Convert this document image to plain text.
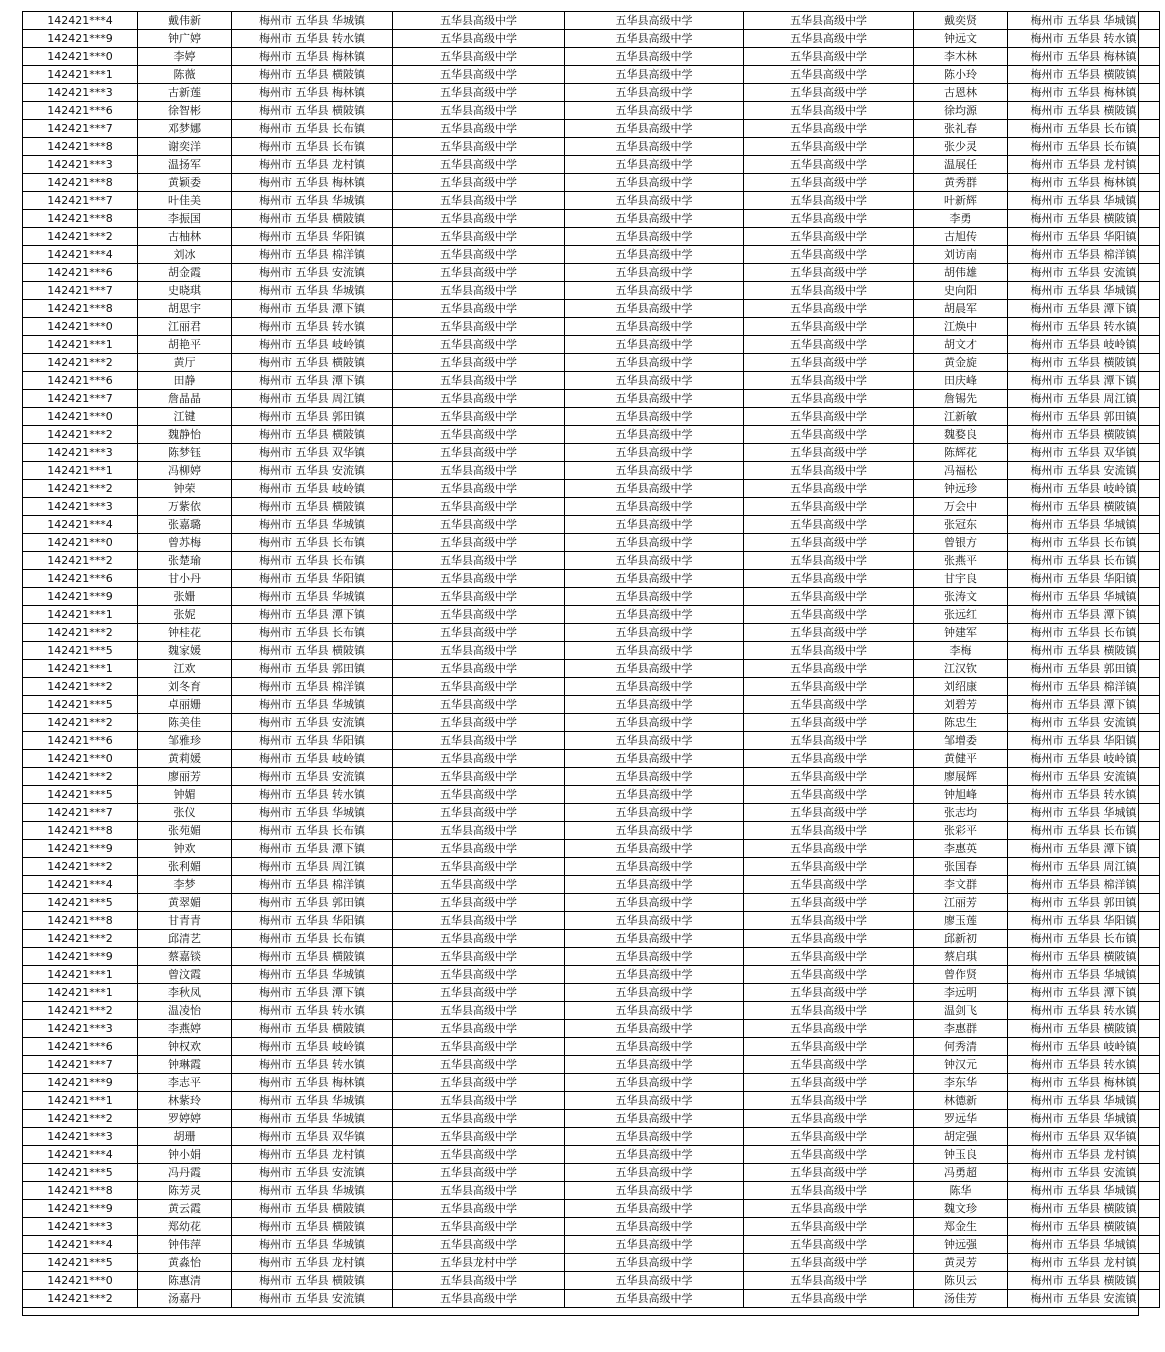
142421***4	戴伟新	梅州市 五华县 华城镇	五华县高级中学	五华县高级中学	五华县高级中学	戴奕贤	梅州市 五华县 华城镇
142421***9	钟广婷	梅州市 五华县 转水镇	五华县高级中学	五华县高级中学	五华县高级中学	钟远文	梅州市 五华县 转水镇
142421***0	李婷	梅州市 五华县 梅林镇	五华县高级中学	五华县高级中学	五华县高级中学	李木林	梅州市 五华县 梅林镇
142421***1	陈薇	梅州市 五华县 横陂镇	五华县高级中学	五华县高级中学	五华县高级中学	陈小玲	梅州市 五华县 横陂镇
142421***3	古新莲	梅州市 五华县 梅林镇	五华县高级中学	五华县高级中学	五华县高级中学	古恩林	梅州市 五华县 梅林镇
142421***6	徐智彬	梅州市 五华县 横陂镇	五华县高级中学	五华县高级中学	五华县高级中学	徐均源	梅州市 五华县 横陂镇
142421***7	邓梦娜	梅州市 五华县 长布镇	五华县高级中学	五华县高级中学	五华县高级中学	张礼春	梅州市 五华县 长布镇
142421***8	谢奕洋	梅州市 五华县 长布镇	五华县高级中学	五华县高级中学	五华县高级中学	张少灵	梅州市 五华县 长布镇
142421***3	温扬军	梅州市 五华县 龙村镇	五华县高级中学	五华县高级中学	五华县高级中学	温展任	梅州市 五华县 龙村镇
142421***8	黄颖委	梅州市 五华县 梅林镇	五华县高级中学	五华县高级中学	五华县高级中学	黄秀群	梅州市 五华县 梅林镇
142421***7	叶佳美	梅州市 五华县 华城镇	五华县高级中学	五华县高级中学	五华县高级中学	叶新辉	梅州市 五华县 华城镇
142421***8	李振国	梅州市 五华县 横陂镇	五华县高级中学	五华县高级中学	五华县高级中学	李勇	梅州市 五华县 横陂镇
142421***2	古柚林	梅州市 五华县 华阳镇	五华县高级中学	五华县高级中学	五华县高级中学	古旭传	梅州市 五华县 华阳镇
142421***4	刘冰	梅州市 五华县 棉洋镇	五华县高级中学	五华县高级中学	五华县高级中学	刘访南	梅州市 五华县 棉洋镇
142421***6	胡金霞	梅州市 五华县 安流镇	五华县高级中学	五华县高级中学	五华县高级中学	胡伟雄	梅州市 五华县 安流镇
142421***7	史晓琪	梅州市 五华县 华城镇	五华县高级中学	五华县高级中学	五华县高级中学	史向阳	梅州市 五华县 华城镇
142421***8	胡思宇	梅州市 五华县 潭下镇	五华县高级中学	五华县高级中学	五华县高级中学	胡晨军	梅州市 五华县 潭下镇
142421***0	江丽君	梅州市 五华县 转水镇	五华县高级中学	五华县高级中学	五华县高级中学	江焕中	梅州市 五华县 转水镇
142421***1	胡艳平	梅州市 五华县 岐岭镇	五华县高级中学	五华县高级中学	五华县高级中学	胡文才	梅州市 五华县 岐岭镇
142421***2	黄厅	梅州市 五华县 横陂镇	五华县高级中学	五华县高级中学	五华县高级中学	黄金旋	梅州市 五华县 横陂镇
142421***6	田静	梅州市 五华县 潭下镇	五华县高级中学	五华县高级中学	五华县高级中学	田庆峰	梅州市 五华县 潭下镇
142421***7	詹晶晶	梅州市 五华县 周江镇	五华县高级中学	五华县高级中学	五华县高级中学	詹锡先	梅州市 五华县 周江镇
142421***0	江键	梅州市 五华县 郭田镇	五华县高级中学	五华县高级中学	五华县高级中学	江新敏	梅州市 五华县 郭田镇
142421***2	魏静怡	梅州市 五华县 横陂镇	五华县高级中学	五华县高级中学	五华县高级中学	魏婺良	梅州市 五华县 横陂镇
142421***3	陈梦钰	梅州市 五华县 双华镇	五华县高级中学	五华县高级中学	五华县高级中学	陈辉花	梅州市 五华县 双华镇
142421***1	冯柳婷	梅州市 五华县 安流镇	五华县高级中学	五华县高级中学	五华县高级中学	冯福松	梅州市 五华县 安流镇
142421***2	钟荣	梅州市 五华县 岐岭镇	五华县高级中学	五华县高级中学	五华县高级中学	钟远珍	梅州市 五华县 岐岭镇
142421***3	万紫依	梅州市 五华县 横陂镇	五华县高级中学	五华县高级中学	五华县高级中学	万会中	梅州市 五华县 横陂镇
142421***4	张嘉璐	梅州市 五华县 华城镇	五华县高级中学	五华县高级中学	五华县高级中学	张冠东	梅州市 五华县 华城镇
142421***0	曾苏梅	梅州市 五华县 长布镇	五华县高级中学	五华县高级中学	五华县高级中学	曾银方	梅州市 五华县 长布镇
142421***2	张楚瑜	梅州市 五华县 长布镇	五华县高级中学	五华县高级中学	五华县高级中学	张燕平	梅州市 五华县 长布镇
142421***6	甘小丹	梅州市 五华县 华阳镇	五华县高级中学	五华县高级中学	五华县高级中学	甘宇良	梅州市 五华县 华阳镇
142421***9	张姗	梅州市 五华县 华城镇	五华县高级中学	五华县高级中学	五华县高级中学	张涛文	梅州市 五华县 华城镇
142421***1	张妮	梅州市 五华县 潭下镇	五华县高级中学	五华县高级中学	五华县高级中学	张远红	梅州市 五华县 潭下镇
142421***2	钟桂花	梅州市 五华县 长布镇	五华县高级中学	五华县高级中学	五华县高级中学	钟建军	梅州市 五华县 长布镇
142421***5	魏家媛	梅州市 五华县 横陂镇	五华县高级中学	五华县高级中学	五华县高级中学	李梅	梅州市 五华县 横陂镇
142421***1	江欢	梅州市 五华县 郭田镇	五华县高级中学	五华县高级中学	五华县高级中学	江汉钦	梅州市 五华县 郭田镇
142421***2	刘冬育	梅州市 五华县 棉洋镇	五华县高级中学	五华县高级中学	五华县高级中学	刘绍康	梅州市 五华县 棉洋镇
142421***5	卓丽姗	梅州市 五华县 华城镇	五华县高级中学	五华县高级中学	五华县高级中学	刘碧芳	梅州市 五华县 潭下镇
142421***2	陈美佳	梅州市 五华县 安流镇	五华县高级中学	五华县高级中学	五华县高级中学	陈忠生	梅州市 五华县 安流镇
142421***6	邹雅珍	梅州市 五华县 华阳镇	五华县高级中学	五华县高级中学	五华县高级中学	邹增委	梅州市 五华县 华阳镇
142421***0	黄莉媛	梅州市 五华县 岐岭镇	五华县高级中学	五华县高级中学	五华县高级中学	黄健平	梅州市 五华县 岐岭镇
142421***2	廖丽芳	梅州市 五华县 安流镇	五华县高级中学	五华县高级中学	五华县高级中学	廖展辉	梅州市 五华县 安流镇
142421***5	钟媚	梅州市 五华县 转水镇	五华县高级中学	五华县高级中学	五华县高级中学	钟旭峰	梅州市 五华县 转水镇
142421***7	张仪	梅州市 五华县 华城镇	五华县高级中学	五华县高级中学	五华县高级中学	张志均	梅州市 五华县 华城镇
142421***8	张苑媚	梅州市 五华县 长布镇	五华县高级中学	五华县高级中学	五华县高级中学	张彩平	梅州市 五华县 长布镇
142421***9	钟欢	梅州市 五华县 潭下镇	五华县高级中学	五华县高级中学	五华县高级中学	李惠英	梅州市 五华县 潭下镇
142421***2	张利媚	梅州市 五华县 周江镇	五华县高级中学	五华县高级中学	五华县高级中学	张国春	梅州市 五华县 周江镇
142421***4	李梦	梅州市 五华县 棉洋镇	五华县高级中学	五华县高级中学	五华县高级中学	李文群	梅州市 五华县 棉洋镇
142421***5	黄翠媚	梅州市 五华县 郭田镇	五华县高级中学	五华县高级中学	五华县高级中学	江丽芳	梅州市 五华县 郭田镇
142421***8	甘青青	梅州市 五华县 华阳镇	五华县高级中学	五华县高级中学	五华县高级中学	廖玉莲	梅州市 五华县 华阳镇
142421***2	邱清艺	梅州市 五华县 长布镇	五华县高级中学	五华县高级中学	五华县高级中学	邱新初	梅州市 五华县 长布镇
142421***9	蔡嘉锬	梅州市 五华县 横陂镇	五华县高级中学	五华县高级中学	五华县高级中学	蔡启琪	梅州市 五华县 横陂镇
142421***1	曾汶霞	梅州市 五华县 华城镇	五华县高级中学	五华县高级中学	五华县高级中学	曾作贤	梅州市 五华县 华城镇
142421***1	李秋凤	梅州市 五华县 潭下镇	五华县高级中学	五华县高级中学	五华县高级中学	李远明	梅州市 五华县 潭下镇
142421***2	温凌怡	梅州市 五华县 转水镇	五华县高级中学	五华县高级中学	五华县高级中学	温剑飞	梅州市 五华县 转水镇
142421***3	李燕婷	梅州市 五华县 横陂镇	五华县高级中学	五华县高级中学	五华县高级中学	李惠群	梅州市 五华县 横陂镇
142421***6	钟权欢	梅州市 五华县 岐岭镇	五华县高级中学	五华县高级中学	五华县高级中学	何秀清	梅州市 五华县 岐岭镇
142421***7	钟琳霞	梅州市 五华县 转水镇	五华县高级中学	五华县高级中学	五华县高级中学	钟汉元	梅州市 五华县 转水镇
142421***9	李志平	梅州市 五华县 梅林镇	五华县高级中学	五华县高级中学	五华县高级中学	李东华	梅州市 五华县 梅林镇
142421***1	林紫玲	梅州市 五华县 华城镇	五华县高级中学	五华县高级中学	五华县高级中学	林德新	梅州市 五华县 华城镇
142421***2	罗婷婷	梅州市 五华县 华城镇	五华县高级中学	五华县高级中学	五华县高级中学	罗远华	梅州市 五华县 华城镇
142421***3	胡珊	梅州市 五华县 双华镇	五华县高级中学	五华县高级中学	五华县高级中学	胡定强	梅州市 五华县 双华镇
142421***4	钟小娟	梅州市 五华县 龙村镇	五华县高级中学	五华县高级中学	五华县高级中学	钟玉良	梅州市 五华县 龙村镇
142421***5	冯丹霞	梅州市 五华县 安流镇	五华县高级中学	五华县高级中学	五华县高级中学	冯勇超	梅州市 五华县 安流镇
142421***8	陈芳灵	梅州市 五华县 华城镇	五华县高级中学	五华县高级中学	五华县高级中学	陈华	梅州市 五华县 华城镇
142421***9	黄云霞	梅州市 五华县 横陂镇	五华县高级中学	五华县高级中学	五华县高级中学	魏文珍	梅州市 五华县 横陂镇
142421***3	郑幼花	梅州市 五华县 横陂镇	五华县高级中学	五华县高级中学	五华县高级中学	郑金生	梅州市 五华县 横陂镇
142421***4	钟伟萍	梅州市 五华县 华城镇	五华县高级中学	五华县高级中学	五华县高级中学	钟远强	梅州市 五华县 华城镇
142421***5	黄淼怡	梅州市 五华县 龙村镇	五华县龙村中学	五华县高级中学	五华县高级中学	黄灵芳	梅州市 五华县 龙村镇
142421***0	陈惠清	梅州市 五华县 横陂镇	五华县高级中学	五华县高级中学	五华县高级中学	陈贝云	梅州市 五华县 横陂镇
142421***2	汤嘉丹	梅州市 五华县 安流镇	五华县高级中学	五华县高级中学	五华县高级中学	汤佳芳	梅州市 五华县 安流镇
